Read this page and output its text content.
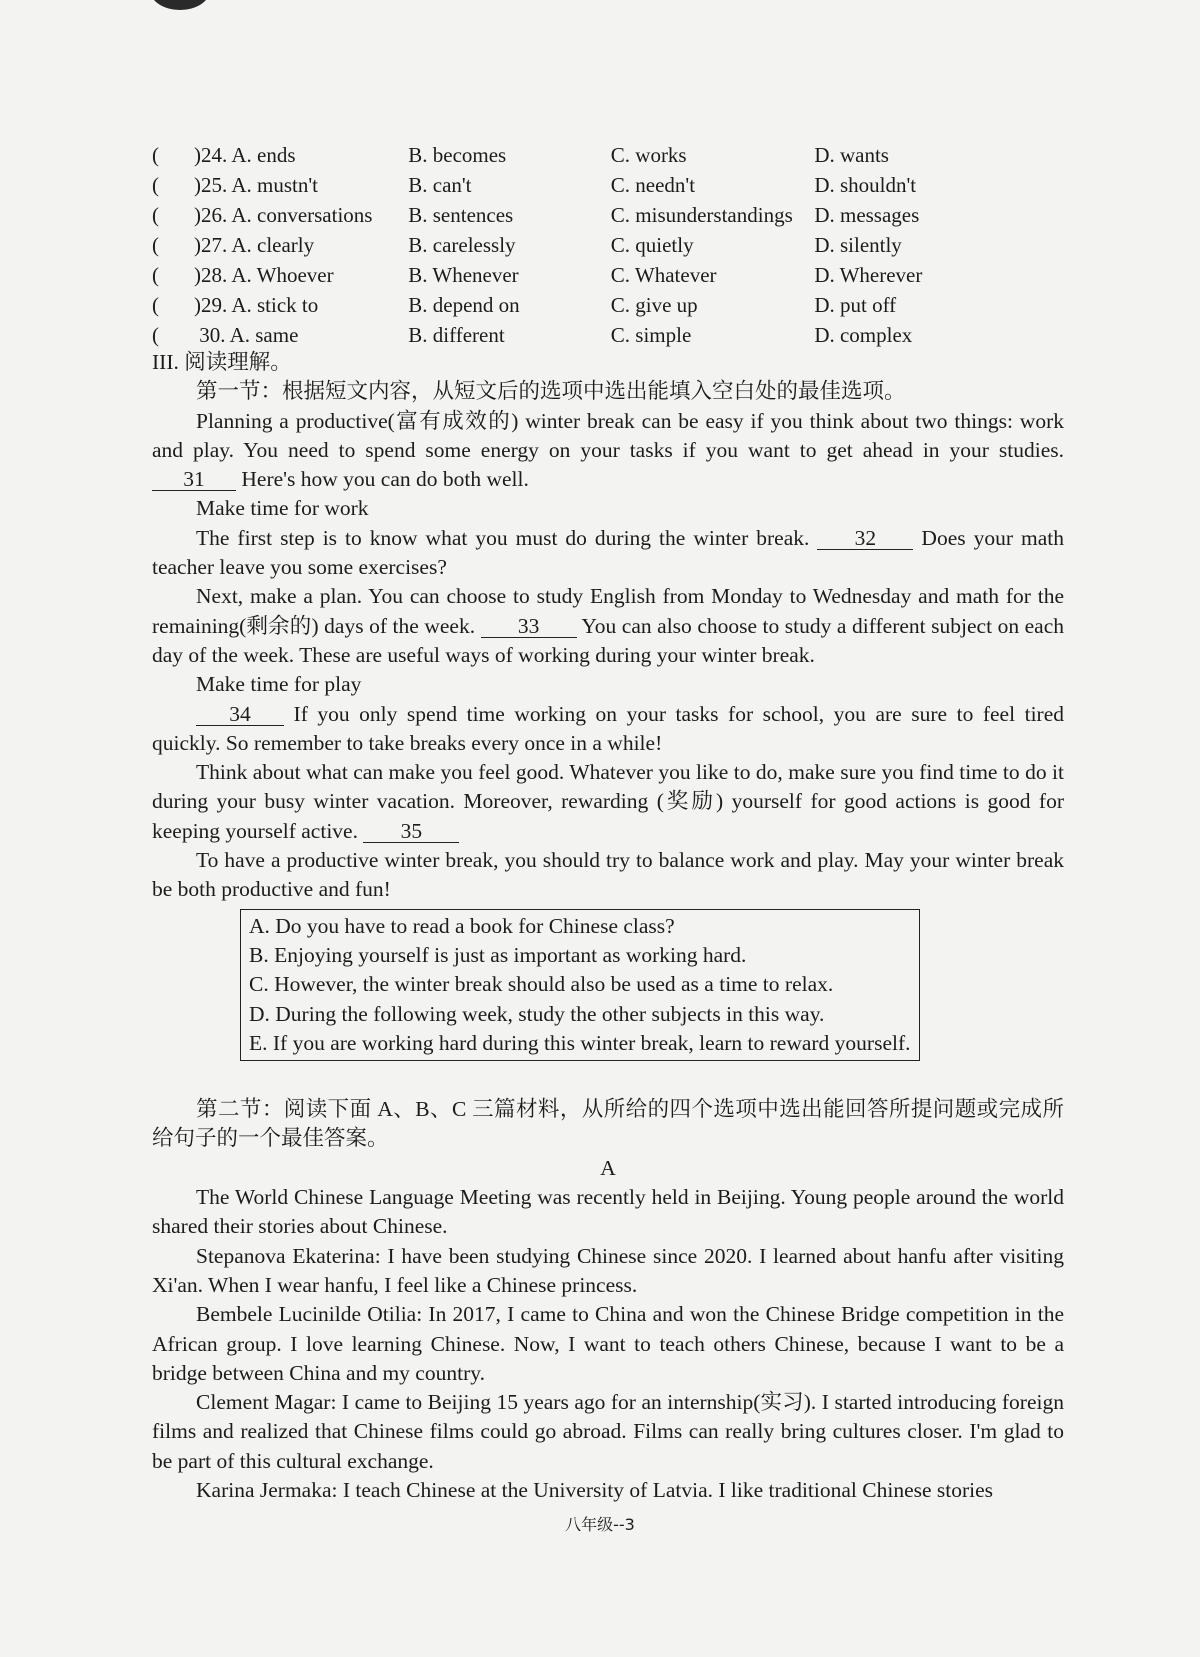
( )24. A. ends	B. becomes	C. works	D. wants
( )25. A. mustn't	B. can't	C. needn't	D. shouldn't
( )26. A. conversations	B. sentences	C. misunderstandings	D. messages
( )27. A. clearly	B. carelessly	C. quietly	D. silently
( )28. A. Whoever	B. Whenever	C. Whatever	D. Wherever
( )29. A. stick to	B. depend on	C. give up	D. put off
( 30. A. same	B. different	C. simple	D. complex

III. 阅读理解。

第一节：根据短文内容，从短文后的选项中选出能填入空白处的最佳选项。

Planning a productive(富有成效的) winter break can be easy if you think about two things: work and play. You need to spend some energy on your tasks if you want to get ahead in your studies. 31 Here's how you can do both well.

Make time for work

The first step is to know what you must do during the winter break. 32 Does your math teacher leave you some exercises?

Next, make a plan. You can choose to study English from Monday to Wednesday and math for the remaining(剩余的) days of the week. 33 You can also choose to study a different subject on each day of the week. These are useful ways of working during your winter break.

Make time for play

34 If you only spend time working on your tasks for school, you are sure to feel tired quickly. So remember to take breaks every once in a while!

Think about what can make you feel good. Whatever you like to do, make sure you find time to do it during your busy winter vacation. Moreover, rewarding (奖励) yourself for good actions is good for keeping yourself active. 35

To have a productive winter break, you should try to balance work and play. May your winter break be both productive and fun!

A. Do you have to read a book for Chinese class?

B. Enjoying yourself is just as important as working hard.

C. However, the winter break should also be used as a time to relax.

D. During the following week, study the other subjects in this way.

E. If you are working hard during this winter break, learn to reward yourself.

第二节：阅读下面 A、B、C 三篇材料，从所给的四个选项中选出能回答所提问题或完成所给句子的一个最佳答案。

A

The World Chinese Language Meeting was recently held in Beijing. Young people around the world shared their stories about Chinese.

Stepanova Ekaterina: I have been studying Chinese since 2020. I learned about hanfu after visiting Xi'an. When I wear hanfu, I feel like a Chinese princess.

Bembele Lucinilde Otilia: In 2017, I came to China and won the Chinese Bridge competition in the African group. I love learning Chinese. Now, I want to teach others Chinese, because I want to be a bridge between China and my country.

Clement Magar: I came to Beijing 15 years ago for an internship(实习). I started introducing foreign films and realized that Chinese films could go abroad. Films can really bring cultures closer. I'm glad to be part of this cultural exchange.

Karina Jermaka: I teach Chinese at the University of Latvia. I like traditional Chinese stories

八年级--3
